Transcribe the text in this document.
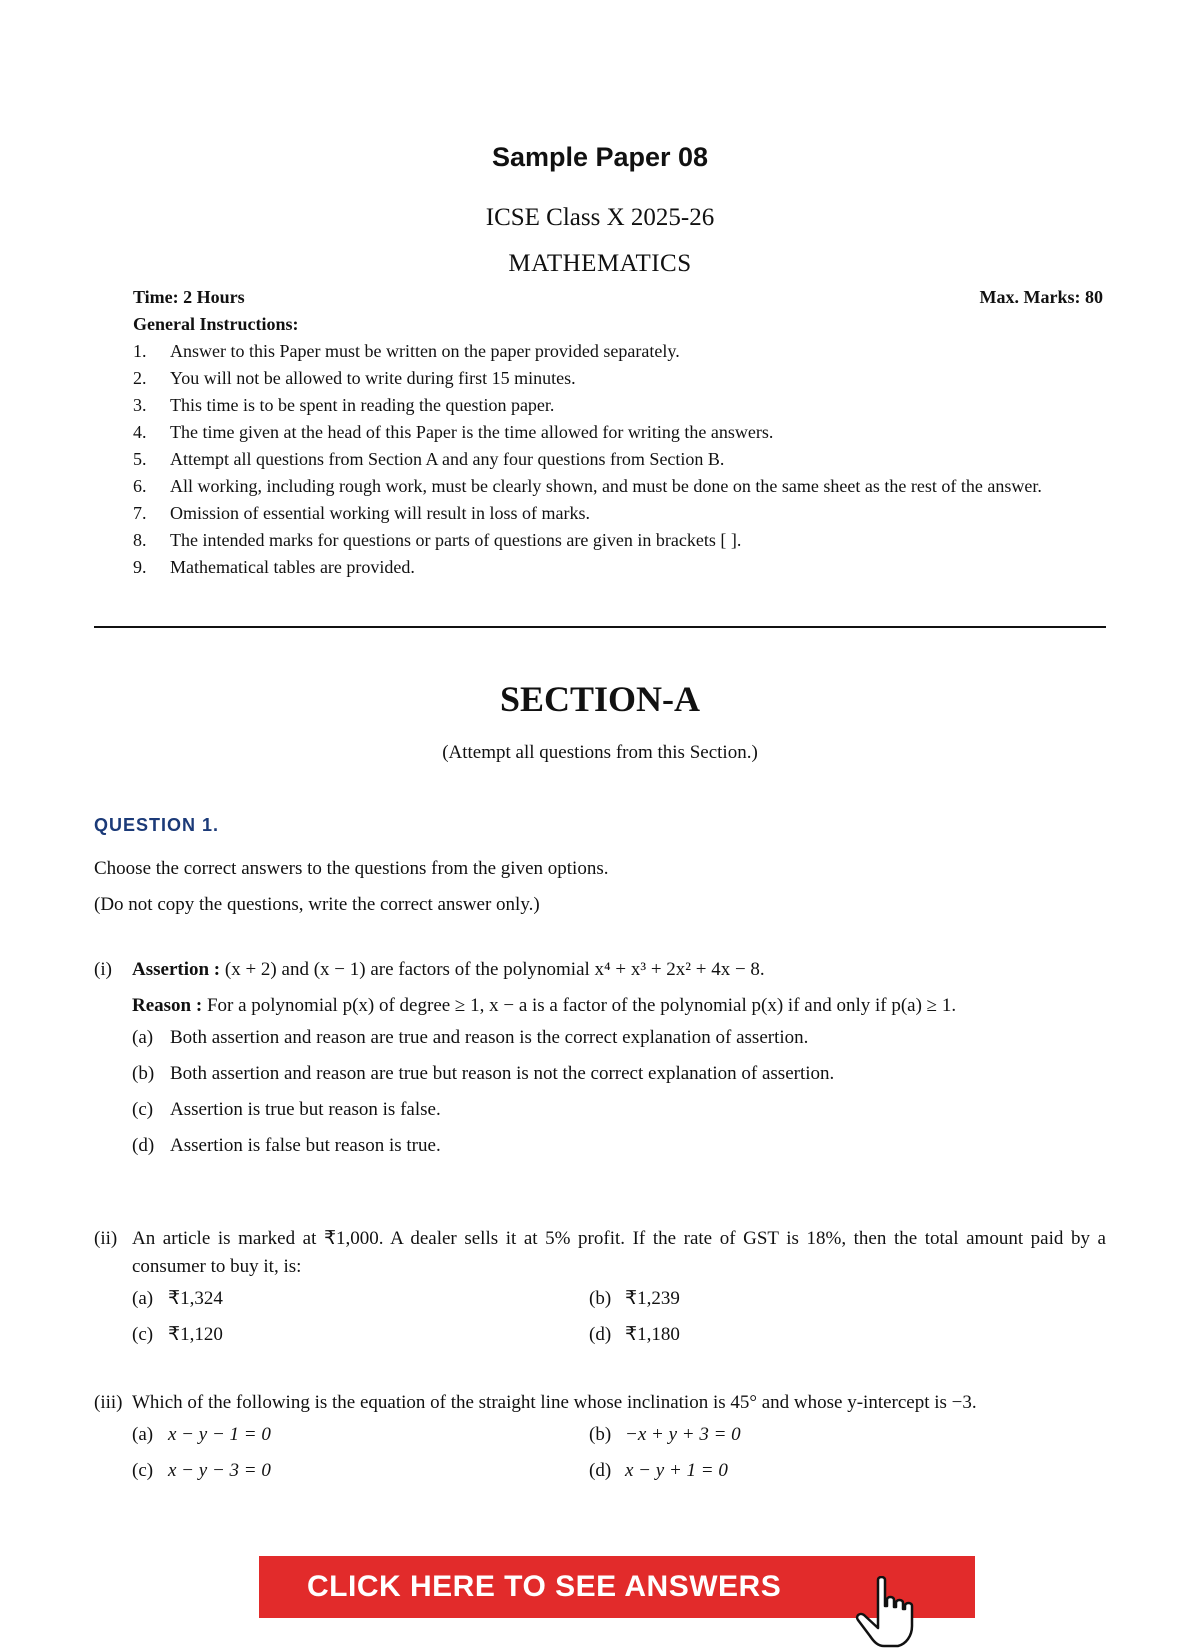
Sample Paper 08
ICSE Class X 2025-26
MATHEMATICS
Time: 2 Hours	Max. Marks: 80
General Instructions:
1. Answer to this Paper must be written on the paper provided separately.
2. You will not be allowed to write during first 15 minutes.
3. This time is to be spent in reading the question paper.
4. The time given at the head of this Paper is the time allowed for writing the answers.
5. Attempt all questions from Section A and any four questions from Section B.
6. All working, including rough work, must be clearly shown, and must be done on the same sheet as the rest of the answer.
7. Omission of essential working will result in loss of marks.
8. The intended marks for questions or parts of questions are given in brackets [ ].
9. Mathematical tables are provided.
SECTION-A
(Attempt all questions from this Section.)
QUESTION 1.
Choose the correct answers to the questions from the given options.
(Do not copy the questions, write the correct answer only.)
(i) Assertion : (x + 2) and (x − 1) are factors of the polynomial x⁴ + x³ + 2x² + 4x − 8.
Reason : For a polynomial p(x) of degree ≥ 1, x − a is a factor of the polynomial p(x) if and only if p(a) ≥ 1.
(a) Both assertion and reason are true and reason is the correct explanation of assertion.
(b) Both assertion and reason are true but reason is not the correct explanation of assertion.
(c) Assertion is true but reason is false.
(d) Assertion is false but reason is true.
(ii) An article is marked at ₹1,000. A dealer sells it at 5% profit. If the rate of GST is 18%, then the total amount paid by a consumer to buy it, is:
(a) ₹1,324	(b) ₹1,239
(c) ₹1,120	(d) ₹1,180
(iii) Which of the following is the equation of the straight line whose inclination is 45° and whose y-intercept is −3.
(a) x − y − 1 = 0	(b) −x + y + 3 = 0
(c) x − y − 3 = 0	(d) x − y + 1 = 0
CLICK HERE TO SEE ANSWERS
